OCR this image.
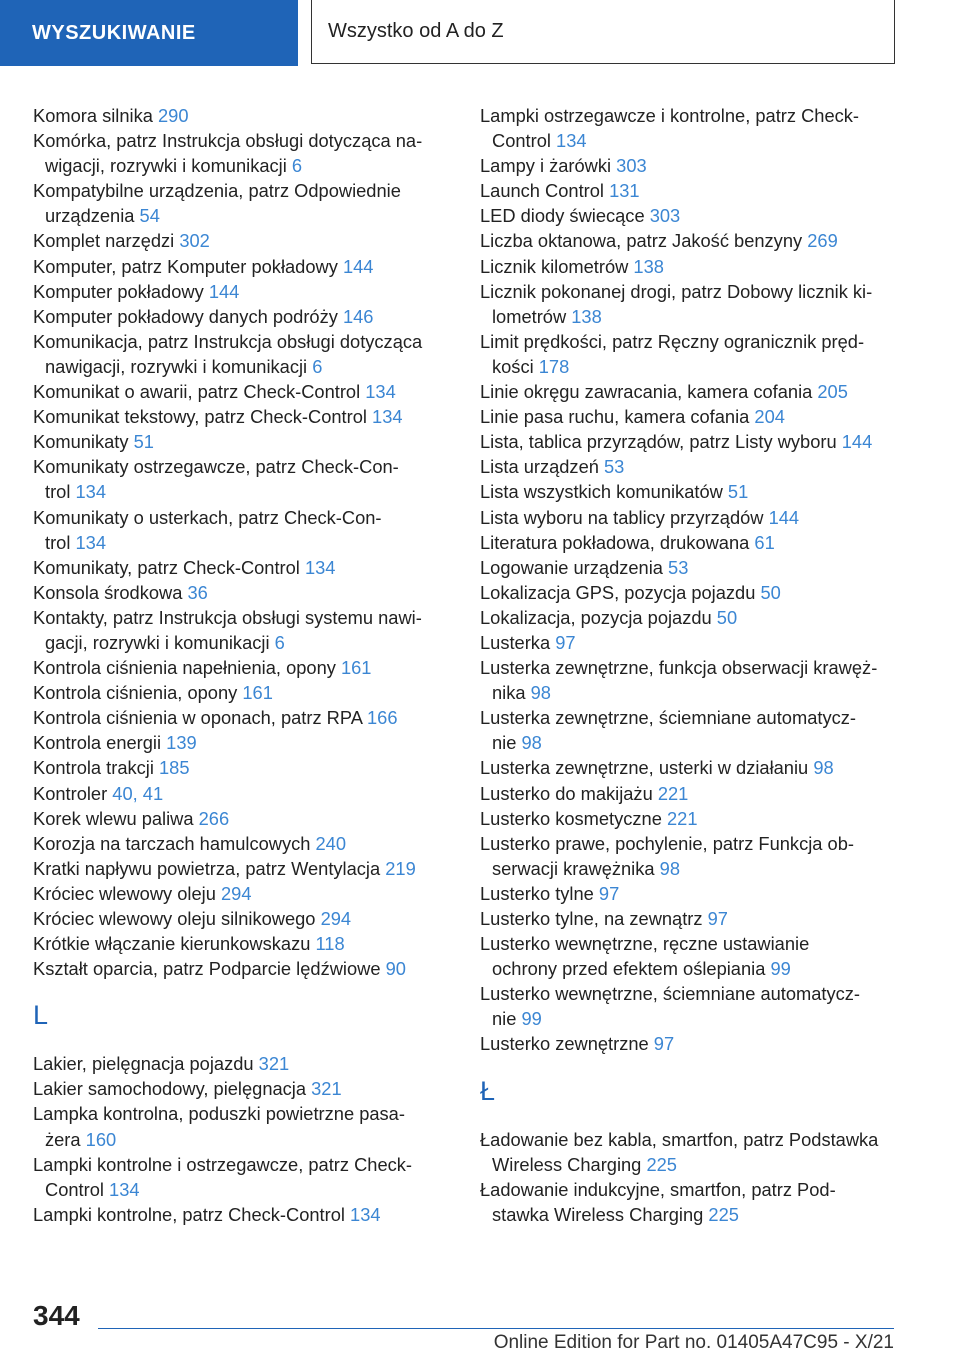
WYSZUKIWANIE	Wszystko od A do Z
Komora silnika 290
Komórka, patrz Instrukcja obsługi dotycząca na-
wigacji, rozrywki i komunikacji 6
Kompatybilne urządzenia, patrz Odpowiednie
urządzenia 54
Komplet narzędzi 302
Komputer, patrz Komputer pokładowy 144
Komputer pokładowy 144
Komputer pokładowy danych podróży 146
Komunikacja, patrz Instrukcja obsługi dotycząca
nawigacji, rozrywki i komunikacji 6
Komunikat o awarii, patrz Check-Control 134
Komunikat tekstowy, patrz Check-Control 134
Komunikaty 51
Komunikaty ostrzegawcze, patrz Check-Con-
trol 134
Komunikaty o usterkach, patrz Check-Con-
trol 134
Komunikaty, patrz Check-Control 134
Konsola środkowa 36
Kontakty, patrz Instrukcja obsługi systemu nawi-
gacji, rozrywki i komunikacji 6
Kontrola ciśnienia napełnienia, opony 161
Kontrola ciśnienia, opony 161
Kontrola ciśnienia w oponach, patrz RPA 166
Kontrola energii 139
Kontrola trakcji 185
Kontroler 40, 41
Korek wlewu paliwa 266
Korozja na tarczach hamulcowych 240
Kratki napływu powietrza, patrz Wentylacja 219
Króciec wlewowy oleju 294
Króciec wlewowy oleju silnikowego 294
Krótkie włączanie kierunkowskazu 118
Kształt oparcia, patrz Podparcie lędźwiowe 90
L
Lakier, pielęgnacja pojazdu 321
Lakier samochodowy, pielęgnacja 321
Lampka kontrolna, poduszki powietrzne pasa-
żera 160
Lampki kontrolne i ostrzegawcze, patrz Check-
Control 134
Lampki kontrolne, patrz Check-Control 134
Lampki ostrzegawcze i kontrolne, patrz Check-
Control 134
Lampy i żarówki 303
Launch Control 131
LED diody świecące 303
Liczba oktanowa, patrz Jakość benzyny 269
Licznik kilometrów 138
Licznik pokonanej drogi, patrz Dobowy licznik ki-
lometrów 138
Limit prędkości, patrz Ręczny ogranicznik pręd-
kości 178
Linie okręgu zawracania, kamera cofania 205
Linie pasa ruchu, kamera cofania 204
Lista, tablica przyrządów, patrz Listy wyboru 144
Lista urządzeń 53
Lista wszystkich komunikatów 51
Lista wyboru na tablicy przyrządów 144
Literatura pokładowa, drukowana 61
Logowanie urządzenia 53
Lokalizacja GPS, pozycja pojazdu 50
Lokalizacja, pozycja pojazdu 50
Lusterka 97
Lusterka zewnętrzne, funkcja obserwacji krawęż-
nika 98
Lusterka zewnętrzne, ściemniane automatycz-
nie 98
Lusterka zewnętrzne, usterki w działaniu 98
Lusterko do makijażu 221
Lusterko kosmetyczne 221
Lusterko prawe, pochylenie, patrz Funkcja ob-
serwacji krawężnika 98
Lusterko tylne 97
Lusterko tylne, na zewnątrz 97
Lusterko wewnętrzne, ręczne ustawianie
ochrony przed efektem oślepiania 99
Lusterko wewnętrzne, ściemniane automatycz-
nie 99
Lusterko zewnętrzne 97
Ł
Ładowanie bez kabla, smartfon, patrz Podstawka
Wireless Charging 225
Ładowanie indukcyjne, smartfon, patrz Pod-
stawka Wireless Charging 225
344
Online Edition for Part no. 01405A47C95 - X/21
